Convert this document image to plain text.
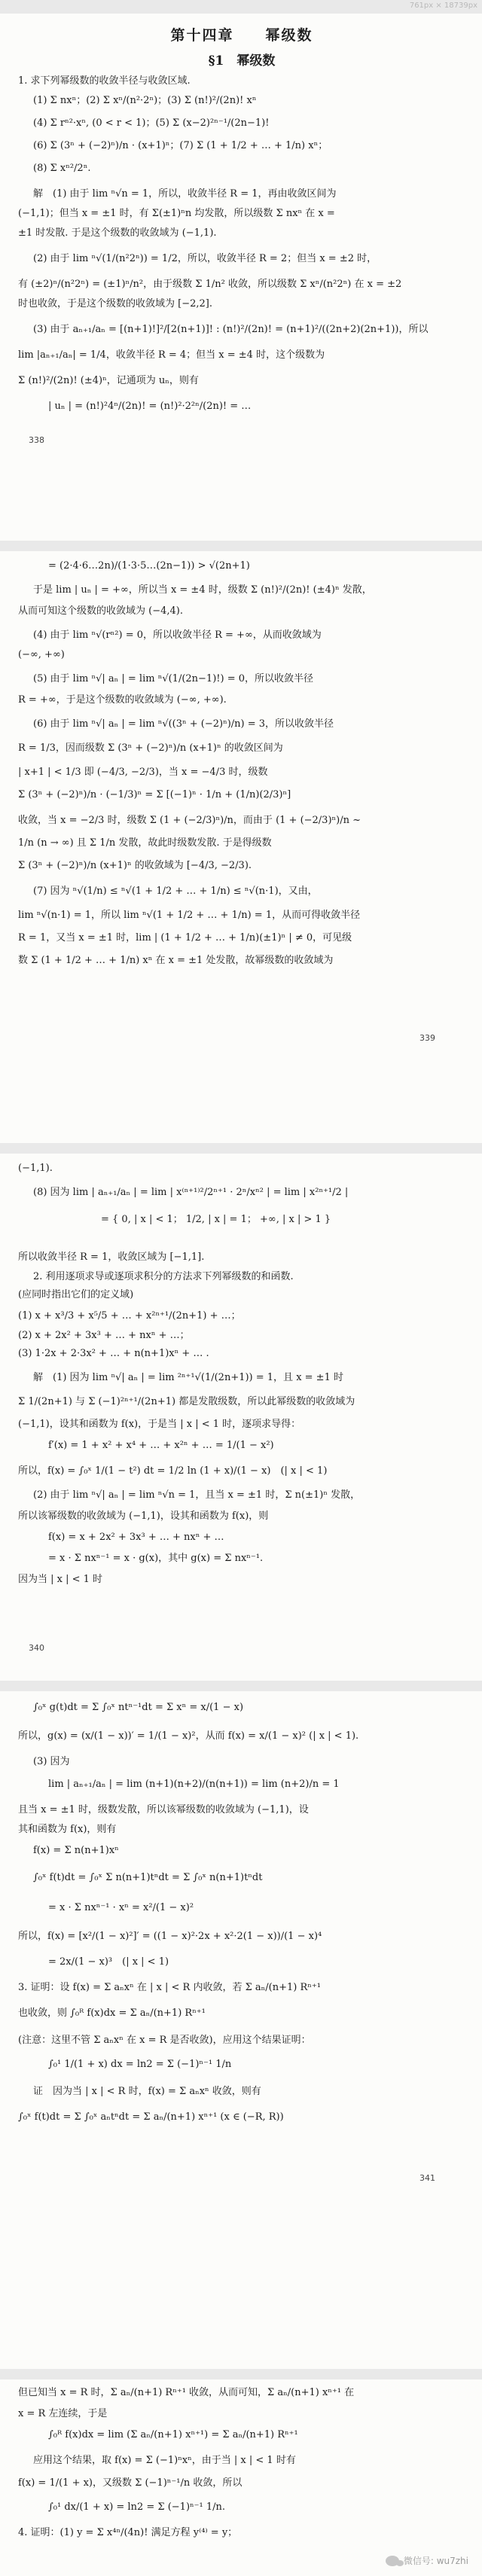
761px × 18739px
第十四章　　幂级数
§1　幂级数
1. 求下列幂级数的收敛半径与收敛区域.
(1) Σ nxⁿ；(2) Σ xⁿ/(n²·2ⁿ)；(3) Σ (n!)²/(2n)! xⁿ
(4) Σ rⁿ²·xⁿ, (0 < r < 1)；(5) Σ (x−2)²ⁿ⁻¹/(2n−1)!
(6) Σ (3ⁿ + (−2)ⁿ)/n · (x+1)ⁿ；(7) Σ (1 + 1/2 + … + 1/n) xⁿ；
(8) Σ xⁿ²/2ⁿ.
解　(1) 由于 lim ⁿ√n = 1，所以，收敛半径 R = 1，再由收敛区间为
(−1,1)；但当 x = ±1 时，有 Σ(±1)ⁿn 均发散，所以级数 Σ nxⁿ 在 x =
±1 时发散. 于是这个级数的收敛域为 (−1,1).
(2) 由于 lim ⁿ√(1/(n²2ⁿ)) = 1/2，所以，收敛半径 R = 2；但当 x = ±2 时，
有 (±2)ⁿ/(n²2ⁿ) = (±1)ⁿ/n²，由于级数 Σ 1/n² 收敛，所以级数 Σ xⁿ/(n²2ⁿ) 在 x = ±2
时也收敛，于是这个级数的收敛域为 [−2,2].
(3) 由于 aₙ₊₁/aₙ = [(n+1)!]²/[2(n+1)]! : (n!)²/(2n)! = (n+1)²/((2n+2)(2n+1))，所以
lim |aₙ₊₁/aₙ| = 1/4，收敛半径 R = 4；但当 x = ±4 时，这个级数为
Σ (n!)²/(2n)! (±4)ⁿ，记通项为 uₙ，则有
| uₙ | = (n!)²4ⁿ/(2n)! = (n!)²·2²ⁿ/(2n)! = …
338
= (2·4·6…2n)/(1·3·5…(2n−1)) > √(2n+1)
于是 lim | uₙ | = +∞，所以当 x = ±4 时，级数 Σ (n!)²/(2n)! (±4)ⁿ 发散，
从而可知这个级数的收敛域为 (−4,4).
(4) 由于 lim ⁿ√(rⁿ²) = 0，所以收敛半径 R = +∞，从而收敛域为
(−∞, +∞)
(5) 由于 lim ⁿ√| aₙ | = lim ⁿ√(1/(2n−1)!) = 0，所以收敛半径
R = +∞，于是这个级数的收敛域为 (−∞, +∞).
(6) 由于 lim ⁿ√| aₙ | = lim ⁿ√((3ⁿ + (−2)ⁿ)/n) = 3，所以收敛半径
R = 1/3，因而级数 Σ (3ⁿ + (−2)ⁿ)/n (x+1)ⁿ 的收敛区间为
| x+1 | < 1/3 即 (−4/3, −2/3)，当 x = −4/3 时，级数
Σ (3ⁿ + (−2)ⁿ)/n · (−1/3)ⁿ = Σ [(−1)ⁿ · 1/n + (1/n)(2/3)ⁿ]
收敛，当 x = −2/3 时，级数 Σ (1 + (−2/3)ⁿ)/n，而由于 (1 + (−2/3)ⁿ)/n ~
1/n (n → ∞) 且 Σ 1/n 发散，故此时级数发散. 于是得级数
Σ (3ⁿ + (−2)ⁿ)/n (x+1)ⁿ 的收敛域为 [−4/3, −2/3).
(7) 因为 ⁿ√(1/n) ≤ ⁿ√(1 + 1/2 + … + 1/n) ≤ ⁿ√(n·1)，又由，
lim ⁿ√(n·1) = 1，所以 lim ⁿ√(1 + 1/2 + … + 1/n) = 1，从而可得收敛半径
R = 1，又当 x = ±1 时，lim | (1 + 1/2 + … + 1/n)(±1)ⁿ | ≠ 0，可见级
数 Σ (1 + 1/2 + … + 1/n) xⁿ 在 x = ±1 处发散，故幂级数的收敛域为
339
(−1,1).
(8) 因为 lim | aₙ₊₁/aₙ | = lim | x⁽ⁿ⁺¹⁾²/2ⁿ⁺¹ · 2ⁿ/xⁿ² | = lim | x²ⁿ⁺¹/2 |
= { 0, | x | < 1； 1/2, | x | = 1； +∞, | x | > 1 }
所以收敛半径 R = 1，收敛区域为 [−1,1].
2. 利用逐项求导或逐项求积分的方法求下列幂级数的和函数.
(应同时指出它们的定义域)
(1) x + x³/3 + x⁵/5 + … + x²ⁿ⁺¹/(2n+1) + …；
(2) x + 2x² + 3x³ + … + nxⁿ + …；
(3) 1·2x + 2·3x² + … + n(n+1)xⁿ + … .
解　(1) 因为 lim ⁿ√| aₙ | = lim ²ⁿ⁺¹√(1/(2n+1)) = 1，且 x = ±1 时
Σ 1/(2n+1) 与 Σ (−1)²ⁿ⁺¹/(2n+1) 都是发散级数，所以此幂级数的收敛域为
(−1,1)，设其和函数为 f(x)，于是当 | x | < 1 时，逐项求导得：
f′(x) = 1 + x² + x⁴ + … + x²ⁿ + … = 1/(1 − x²)
所以，f(x) = ∫₀ˣ 1/(1 − t²) dt = 1/2 ln (1 + x)/(1 − x)　(| x | < 1)
(2) 由于 lim ⁿ√| aₙ | = lim ⁿ√n = 1，且当 x = ±1 时，Σ n(±1)ⁿ 发散，
所以该幂级数的收敛域为 (−1,1)，设其和函数为 f(x)，则
f(x) = x + 2x² + 3x³ + … + nxⁿ + …
= x · Σ nxⁿ⁻¹ = x · g(x)，其中 g(x) = Σ nxⁿ⁻¹.
因为当 | x | < 1 时
340
∫₀ˣ g(t)dt = Σ ∫₀ˣ ntⁿ⁻¹dt = Σ xⁿ = x/(1 − x)
所以，g(x) = (x/(1 − x))′ = 1/(1 − x)²，从而 f(x) = x/(1 − x)² (| x | < 1).
(3) 因为
lim | aₙ₊₁/aₙ | = lim (n+1)(n+2)/(n(n+1)) = lim (n+2)/n = 1
且当 x = ±1 时，级数发散，所以该幂级数的收敛域为 (−1,1)，设
其和函数为 f(x)，则有
f(x) = Σ n(n+1)xⁿ
∫₀ˣ f(t)dt = ∫₀ˣ Σ n(n+1)tⁿdt = Σ ∫₀ˣ n(n+1)tⁿdt
= x · Σ nxⁿ⁻¹ · xⁿ = x²/(1 − x)²
所以，f(x) = [x²/(1 − x)²]′ = ((1 − x)²·2x + x²·2(1 − x))/(1 − x)⁴
= 2x/(1 − x)³　(| x | < 1)
3. 证明：设 f(x) = Σ aₙxⁿ 在 | x | < R 内收敛，若 Σ aₙ/(n+1) Rⁿ⁺¹
也收敛，则 ∫₀ᴿ f(x)dx = Σ aₙ/(n+1) Rⁿ⁺¹
(注意：这里不管 Σ aₙxⁿ 在 x = R 是否收敛)，应用这个结果证明：
∫₀¹ 1/(1 + x) dx = ln2 = Σ (−1)ⁿ⁻¹ 1/n
证　因为当 | x | < R 时，f(x) = Σ aₙxⁿ 收敛，则有
∫₀ˣ f(t)dt = Σ ∫₀ˣ aₙtⁿdt = Σ aₙ/(n+1) xⁿ⁺¹ (x ∈ (−R, R))
341
但已知当 x = R 时，Σ aₙ/(n+1) Rⁿ⁺¹ 收敛，从而可知，Σ aₙ/(n+1) xⁿ⁺¹ 在
x = R 左连续，于是
∫₀ᴿ f(x)dx = lim (Σ aₙ/(n+1) xⁿ⁺¹) = Σ aₙ/(n+1) Rⁿ⁺¹
应用这个结果，取 f(x) = Σ (−1)ⁿxⁿ，由于当 | x | < 1 时有
f(x) = 1/(1 + x)，又级数 Σ (−1)ⁿ⁻¹/n 收敛，所以
∫₀¹ dx/(1 + x) = ln2 = Σ (−1)ⁿ⁻¹ 1/n.
4. 证明：(1) y = Σ x⁴ⁿ/(4n)! 满足方程 y⁽⁴⁾ = y；
微信号: wu7zhi
